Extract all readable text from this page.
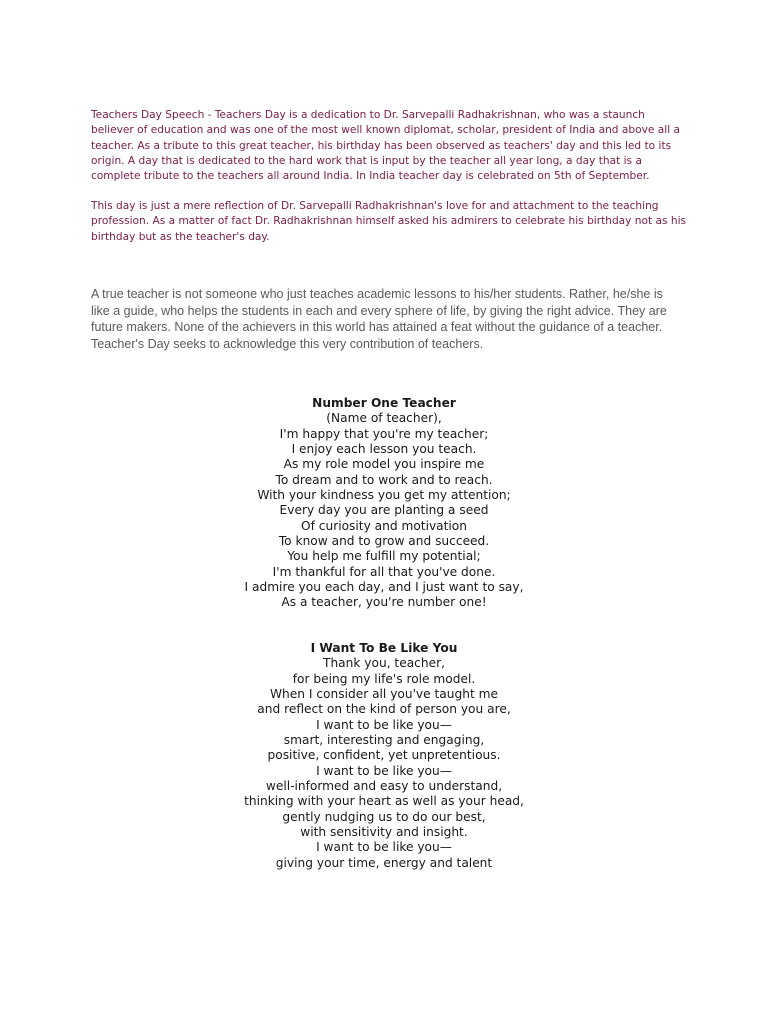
Teachers Day Speech - Teachers Day is a dedication to Dr. Sarvepalli Radhakrishnan, who was a staunch believer of education and was one of the most well known diplomat, scholar, president of India and above all a teacher. As a tribute to this great teacher, his birthday has been observed as teachers' day and this led to its origin. A day that is dedicated to the hard work that is input by the teacher all year long, a day that is a complete tribute to the teachers all around India. In India teacher day is celebrated on 5th of September.

This day is just a mere reflection of Dr. Sarvepalli Radhakrishnan's love for and attachment to the teaching profession. As a matter of fact Dr. Radhakrishnan himself asked his admirers to celebrate his birthday not as his birthday but as the teacher's day.

A true teacher is not someone who just teaches academic lessons to his/her students. Rather, he/she is like a guide, who helps the students in each and every sphere of life, by giving the right advice. They are future makers. None of the achievers in this world has attained a feat without the guidance of a teacher. Teacher's Day seeks to acknowledge this very contribution of teachers.

Number One Teacher
(Name of teacher),
I'm happy that you're my teacher;
I enjoy each lesson you teach.
As my role model you inspire me
To dream and to work and to reach.
With your kindness you get my attention;
Every day you are planting a seed
Of curiosity and motivation
To know and to grow and succeed.
You help me fulfill my potential;
I'm thankful for all that you've done.
I admire you each day, and I just want to say,
As a teacher, you're number one!
I Want To Be Like You
Thank you, teacher,
for being my life's role model.
When I consider all you've taught me
and reflect on the kind of person you are,
I want to be like you—
smart, interesting and engaging,
positive, confident, yet unpretentious.
I want to be like you—
well-informed and easy to understand,
thinking with your heart as well as your head,
gently nudging us to do our best,
with sensitivity and insight.
I want to be like you—
giving your time, energy and talent
